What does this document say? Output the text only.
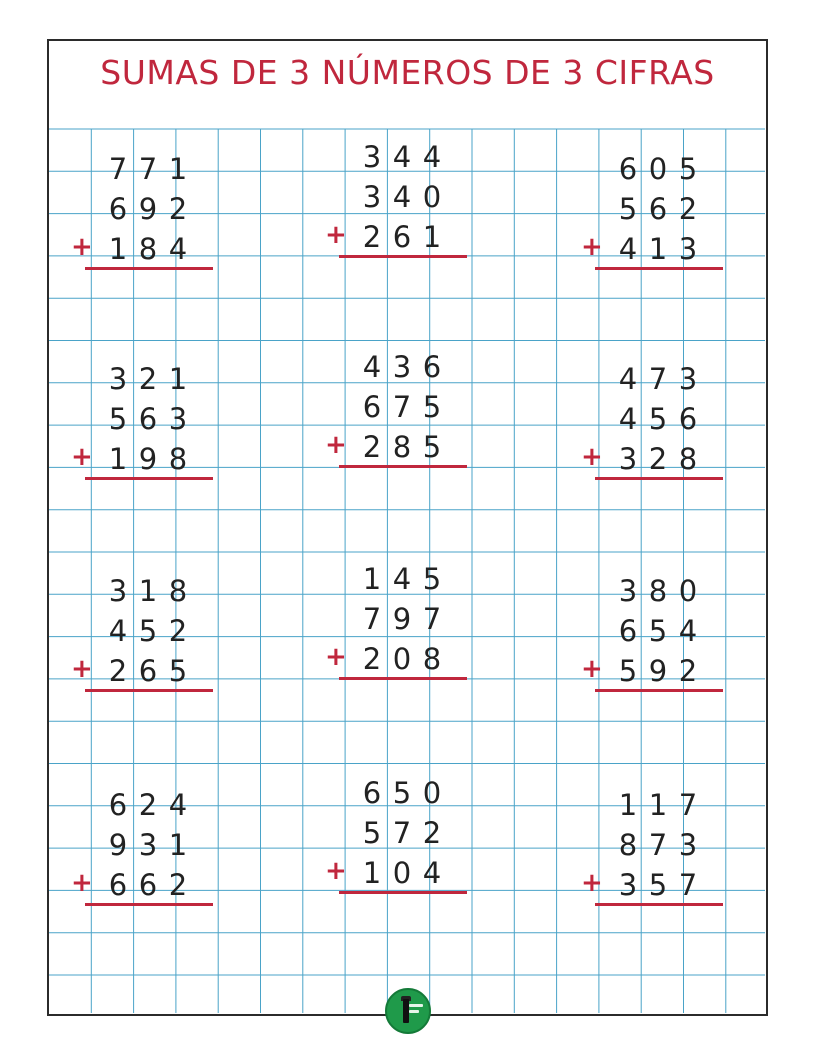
SUMAS DE 3 NÚMEROS DE 3 CIFRAS
7 7 1
6 9 2
1 8 4
+
3 4 4
3 4 0
2 6 1
+
6 0 5
5 6 2
4 1 3
+
3 2 1
5 6 3
1 9 8
+
4 3 6
6 7 5
2 8 5
+
4 7 3
4 5 6
3 2 8
+
3 1 8
4 5 2
2 6 5
+
1 4 5
7 9 7
2 0 8
+
3 8 0
6 5 4
5 9 2
+
6 2 4
9 3 1
6 6 2
+
6 5 0
5 7 2
1 0 4
+
1 1 7
8 7 3
3 5 7
+
